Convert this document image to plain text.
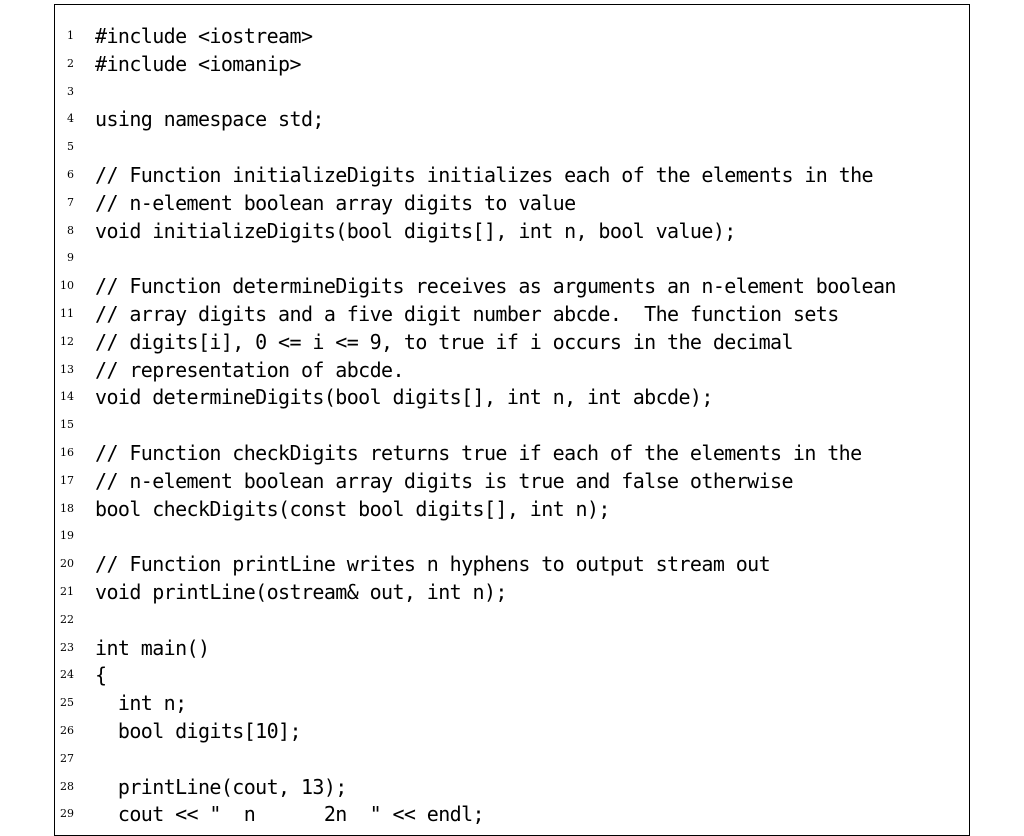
1 #include <iostream>
2 #include <iomanip>
3
4 using namespace std;
5
6 // Function initializeDigits initializes each of the elements in the
7 // n-element boolean array digits to value
8 void initializeDigits(bool digits[], int n, bool value);
9
10 // Function determineDigits receives as arguments an n-element boolean
11 // array digits and a five digit number abcde.  The function sets
12 // digits[i], 0 <= i <= 9, to true if i occurs in the decimal
13 // representation of abcde.
14 void determineDigits(bool digits[], int n, int abcde);
15
16 // Function checkDigits returns true if each of the elements in the
17 // n-element boolean array digits is true and false otherwise
18 bool checkDigits(const bool digits[], int n);
19
20 // Function printLine writes n hyphens to output stream out
21 void printLine(ostream& out, int n);
22
23 int main()
24 {
25 int n;
26 bool digits[10];
27
28 printLine(cout, 13);
29 cout << "  n      2n  " << endl;
